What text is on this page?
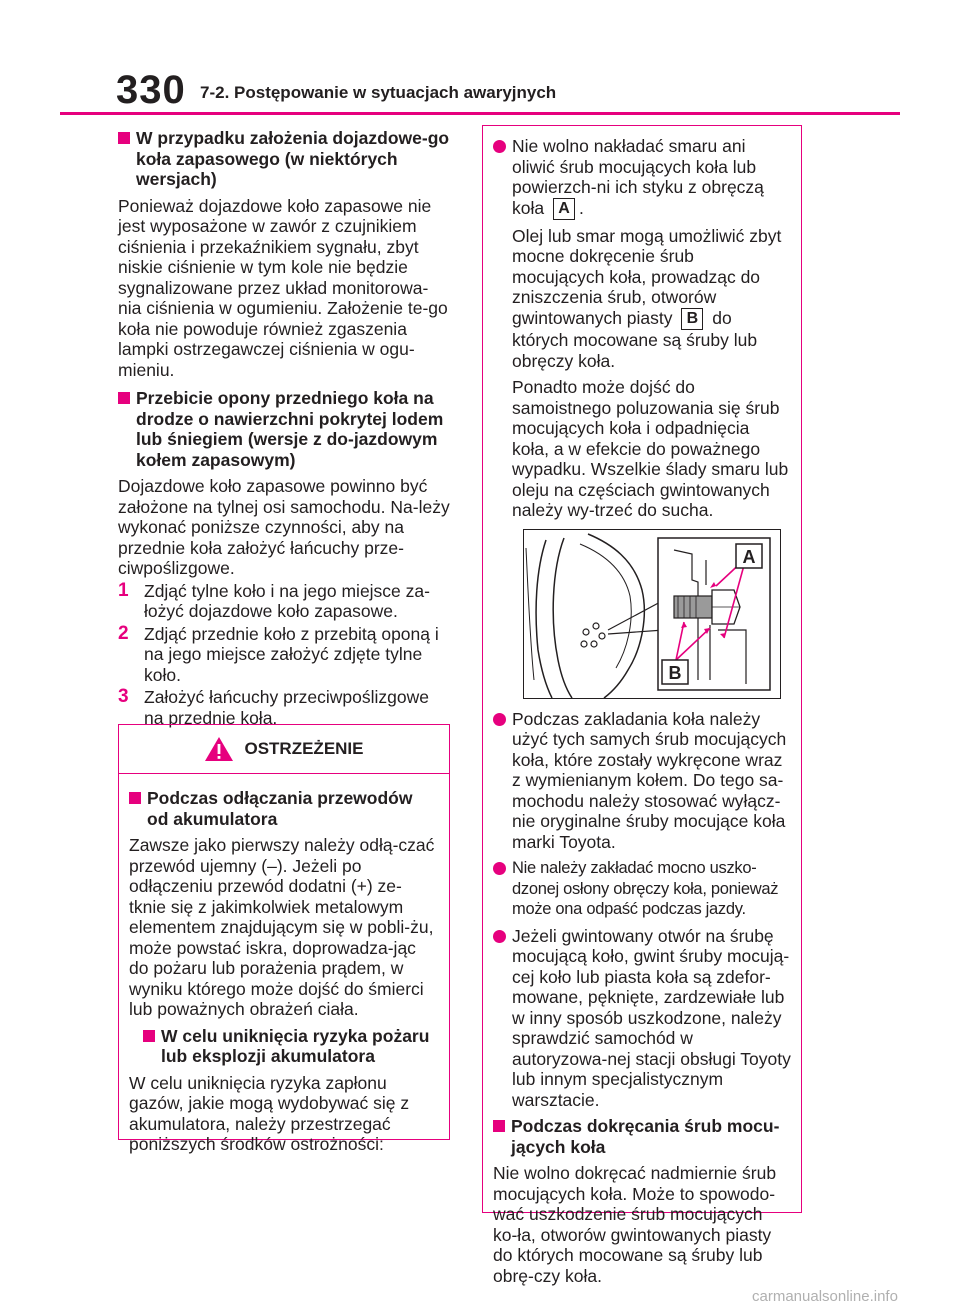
330 7-2. Postępowanie w sytuacjach awaryjnych
W przypadku założenia dojazdowe-go koła zapasowego (w niektórych wersjach)
Ponieważ dojazdowe koło zapasowe nie jest wyposażone w zawór z czujnikiem ciśnienia i przekaźnikiem sygnału, zbyt niskie ciśnienie w tym kole nie będzie sygnalizowane przez układ monitorowa-nia ciśnienia w ogumieniu. Założenie te-go koła nie powoduje również zgaszenia lampki ostrzegawczej ciśnienia w ogu-mieniu.
Przebicie opony przedniego koła na drodze o nawierzchni pokrytej lodem lub śniegiem (wersje z do-jazdowym kołem zapasowym)
Dojazdowe koło zapasowe powinno być założone na tylnej osi samochodu. Na-leży wykonać poniższe czynności, aby na przednie koła założyć łańcuchy prze-ciwpoślizgowe.
1 Zdjąć tylne koło i na jego miejsce za-łożyć dojazdowe koło zapasowe.
2 Zdjąć przednie koło z przebitą oponą i na jego miejsce założyć zdjęte tylne koło.
3 Założyć łańcuchy przeciwpoślizgowe na przednie koła.
OSTRZEŻENIE
Podczas odłączania przewodów od akumulatora
Zawsze jako pierwszy należy odłą-czać przewód ujemny (–). Jeżeli po odłączeniu przewód dodatni (+) ze-tknie się z jakimkolwiek metalowym elementem znajdującym się w pobli-żu, może powstać iskra, doprowadza-jąc do pożaru lub porażenia prądem, w wyniku którego może dojść do śmierci lub poważnych obrażeń ciała.
W celu uniknięcia ryzyka pożaru lub eksplozji akumulatora
W celu uniknięcia ryzyka zapłonu gazów, jakie mogą wydobywać się z akumulatora, należy przestrzegać poniższych środków ostrożności:
Nie wolno nakładać smaru ani oliwić śrub mocujących koła lub powierzch-ni ich styku z obręczą koła A .
Olej lub smar mogą umożliwić zbyt mocne dokręcenie śrub mocujących koła, prowadząc do zniszczenia śrub, otworów gwintowanych piasty B do których mocowane są śruby lub obręczy koła.
Ponadto może dojść do samoistnego poluzowania się śrub mocujących koła i odpadnięcia koła, a w efekcie do poważnego wypadku. Wszelkie ślady smaru lub oleju na częściach gwintowanych należy wy-trzeć do sucha.
A
B
Podczas zakladania koła należy użyć tych samych śrub mocujących koła, które zostały wykręcone wraz z wymienianym kołem. Do tego sa-mochodu należy stosować wyłącz-nie oryginalne śruby mocujące koła marki Toyota.
Nie należy zakładać mocno uszko-dzonej osłony obręczy koła, ponieważ może ona odpaść podczas jazdy.
Jeżeli gwintowany otwór na śrubę mocującą koło, gwint śruby mocują-cej koło lub piasta koła są zdefor-mowane, pęknięte, zardzewiałe lub w inny sposób uszkodzone, należy sprawdzić samochód w autoryzowa-nej stacji obsługi Toyoty lub innym specjalistycznym warsztacie.
Podczas dokręcania śrub mocu-jących koła
Nie wolno dokręcać nadmiernie śrub mocujących koła. Może to spowodo-wać uszkodzenie śrub mocujących ko-ła, otworów gwintowanych piasty do których mocowane są śruby lub obrę-czy koła.
carmanualsonline.info
